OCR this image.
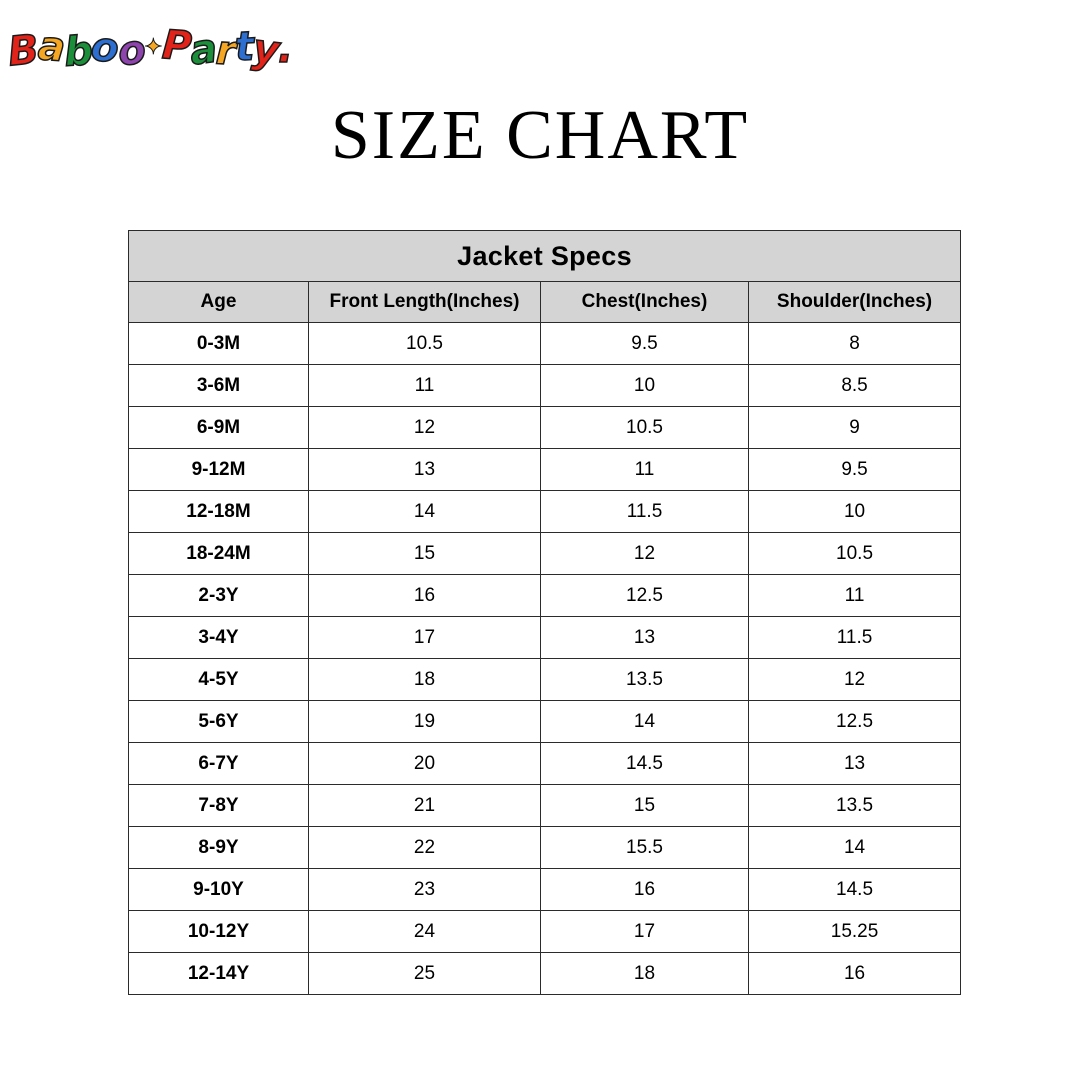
Baboo✦Party.
SIZE CHART
Jacket Specs			
Age	Front Length(Inches)	Chest(Inches)	Shoulder(Inches)
0-3M	10.5	9.5	8
3-6M	11	10	8.5
6-9M	12	10.5	9
9-12M	13	11	9.5
12-18M	14	11.5	10
18-24M	15	12	10.5
2-3Y	16	12.5	11
3-4Y	17	13	11.5
4-5Y	18	13.5	12
5-6Y	19	14	12.5
6-7Y	20	14.5	13
7-8Y	21	15	13.5
8-9Y	22	15.5	14
9-10Y	23	16	14.5
10-12Y	24	17	15.25
12-14Y	25	18	16
